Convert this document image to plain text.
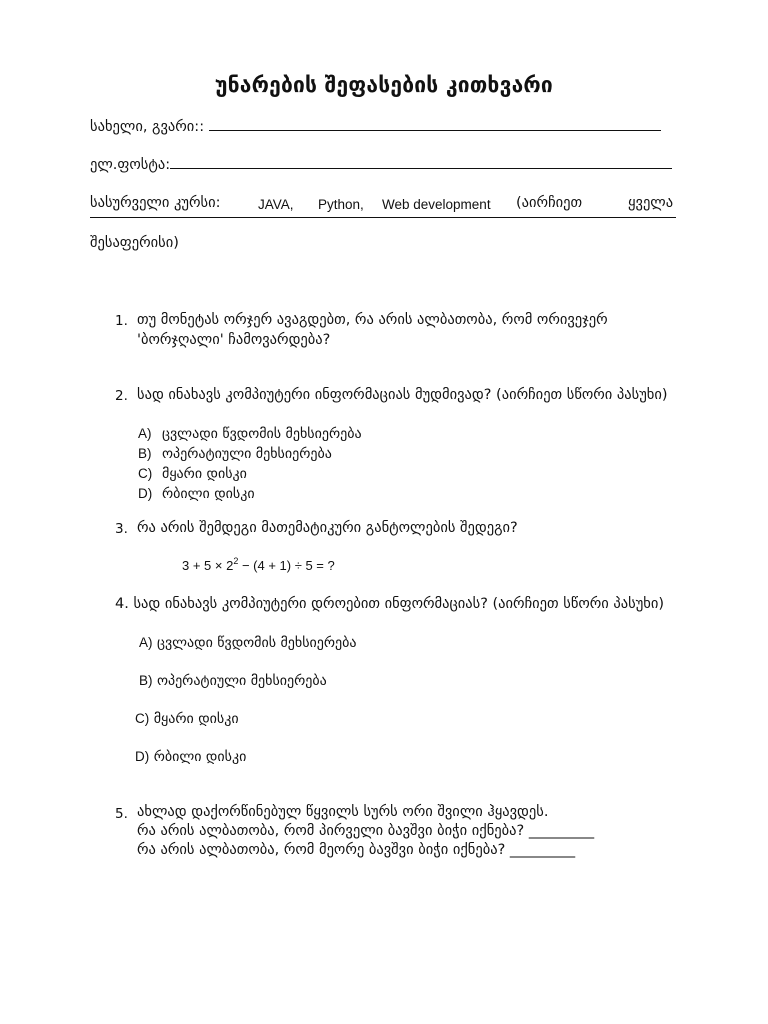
უნარების შეფასების კითხვარი
სახელი, გვარი::
ელ.ფოსტა:
სასურველი კურსი:	JAVA, Python, Web development (აირჩიეთ	ყველა
შესაფერისი)
1. თუ მონეტას ორჯერ ავაგდებთ, რა არის ალბათობა, რომ ორივეჯერ
'ბორჯღალი' ჩამოვარდება?
2. სად ინახავს კომპიუტერი ინფორმაციას მუდმივად? (აირჩიეთ სწორი პასუხი)
A) ცვლადი წვდომის მეხსიერება
B) ოპერატიული მეხსიერება
C) მყარი დისკი
D) რბილი დისკი
3. რა არის შემდეგი მათემატიკური განტოლების შედეგი?
$3 + 5 \times 2^2 - (4 + 1) \div 5$ = ?
4. სად ინახავს კომპიუტერი დროებით ინფორმაციას? (აირჩიეთ სწორი პასუხი)
A) ცვლადი წვდომის მეხსიერება
B) ოპერატიული მეხსიერება
C) მყარი დისკი
D) რბილი დისკი
5. ახლად დაქორწინებულ წყვილს სურს ორი შვილი ჰყავდეს.
რა არის ალბათობა, რომ პირველი ბავშვი ბიჭი იქნება? _________
რა არის ალბათობა, რომ მეორე ბავშვი ბიჭი იქნება? _________
